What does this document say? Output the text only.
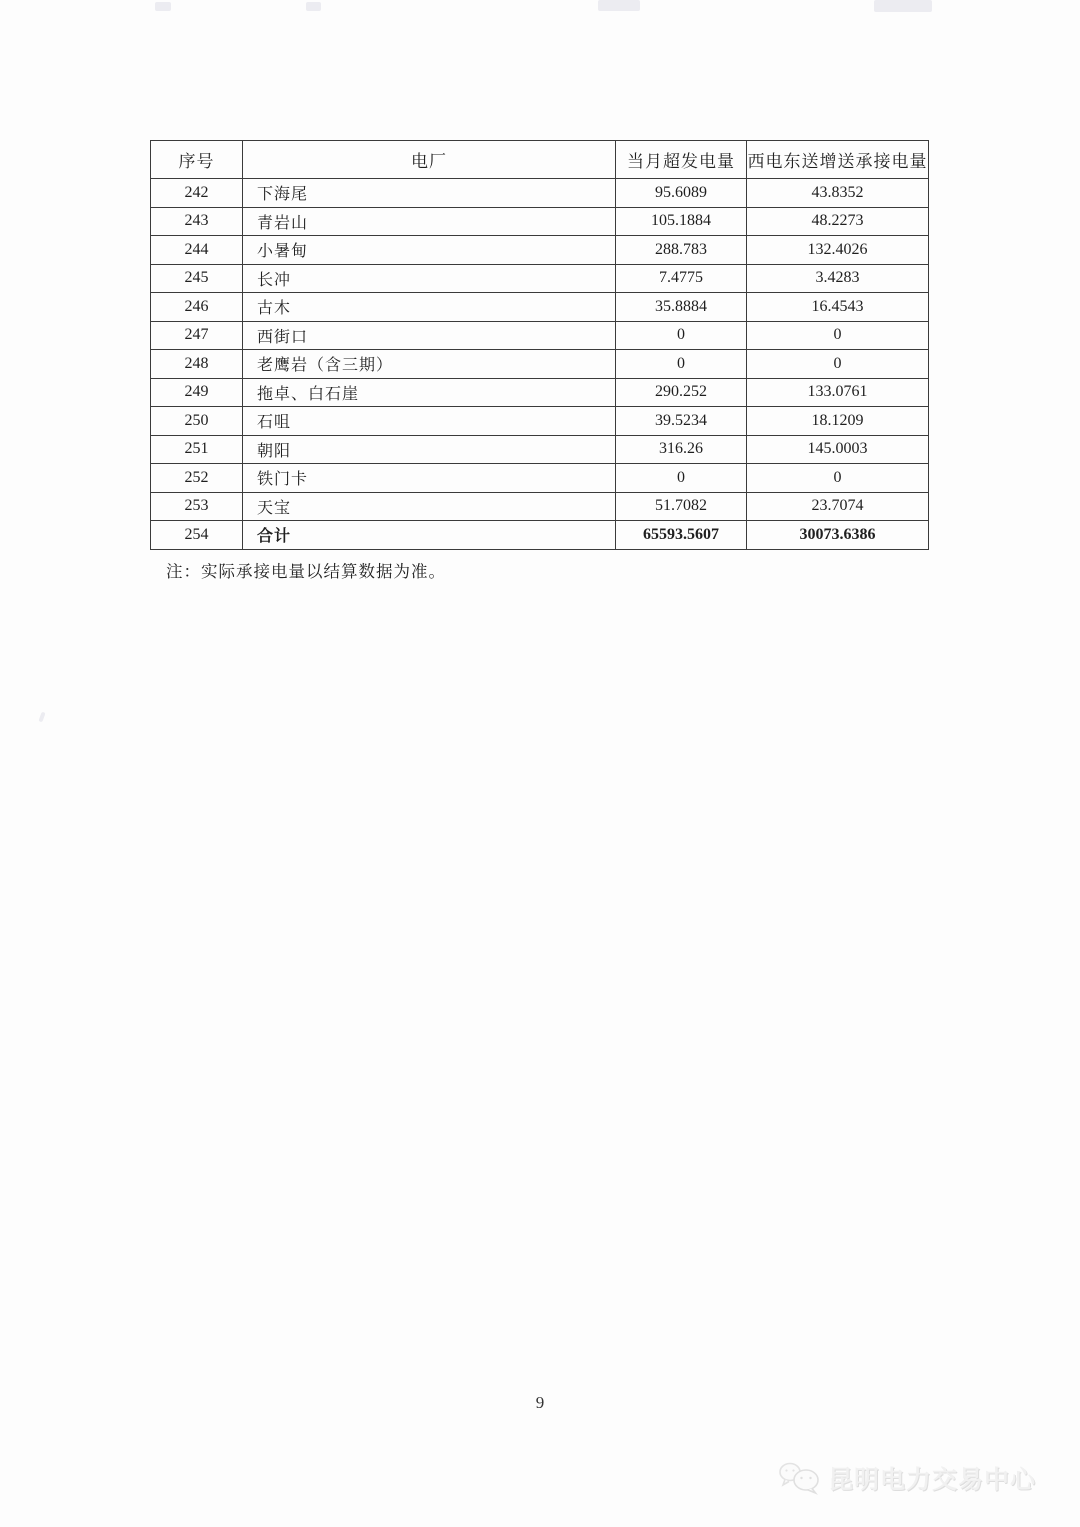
序号	电厂	当月超发电量	西电东送增送承接电量
242	下海尾	95.6089	43.8352
243	青岩山	105.1884	48.2273
244	小暑甸	288.783	132.4026
245	长冲	7.4775	3.4283
246	古木	35.8884	16.4543
247	西街口	0	0
248	老鹰岩（含三期）	0	0
249	拖卓、白石崖	290.252	133.0761
250	石咀	39.5234	18.1209
251	朝阳	316.26	145.0003
252	铁门卡	0	0
253	天宝	51.7082	23.7074
254	合计	65593.5607	30073.6386
注：实际承接电量以结算数据为准。
9
昆明电力交易中心
